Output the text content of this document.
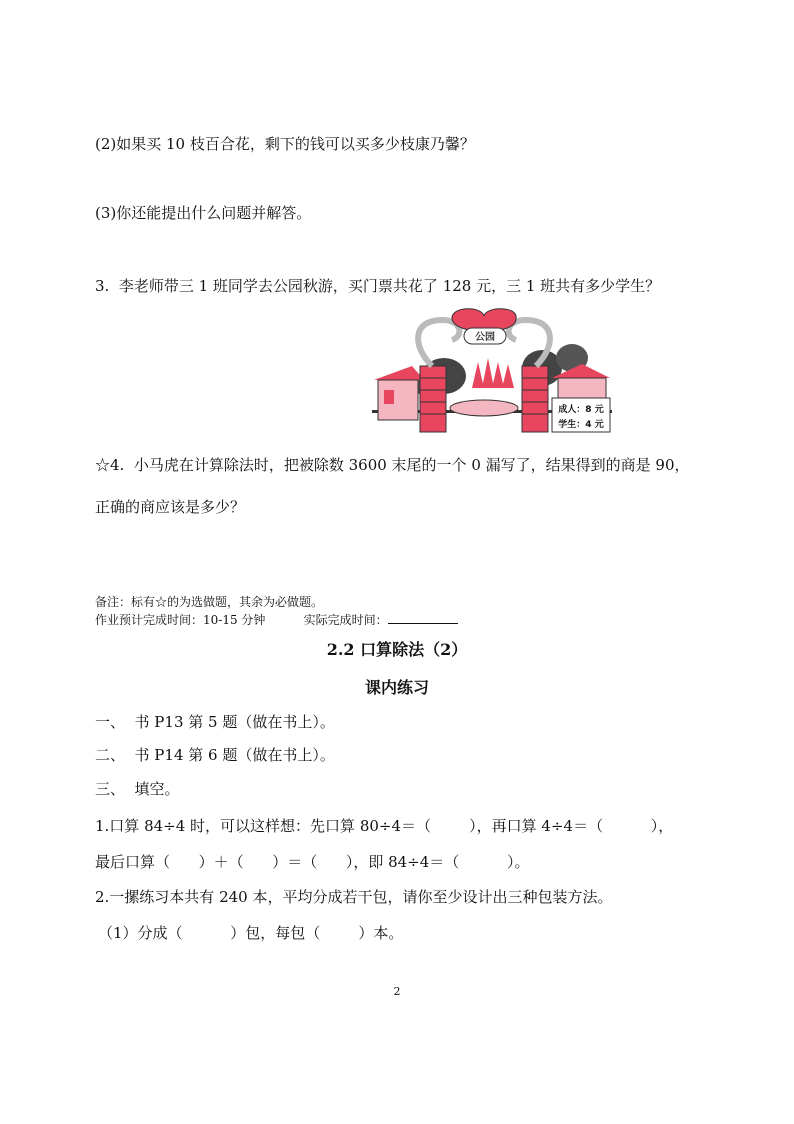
(2)如果买 10 枝百合花，剩下的钱可以买多少枝康乃馨？
(3)你还能提出什么问题并解答。
3.  李老师带三 1 班同学去公园秋游，买门票共花了 128 元，三 1 班共有多少学生？
公园
成人：8 元
学生：4 元
☆4.  小马虎在计算除法时，把被除数 3600 末尾的一个 0 漏写了，结果得到的商是 90，
正确的商应该是多少？
备注：标有☆的为选做题，其余为必做题。
作业预计完成时间：10-15 分钟	实际完成时间：
2.2 口算除法（2）
课内练习
一、  书 P13 第 5 题（做在书上）。
二、  书 P14 第 6 题（做在书上）。
三、  填空。
1.口算 84÷4 时，可以这样想：先口算 80÷4＝（        ），再口算 4÷4＝（          ），
最后口算（      ）＋（      ）＝（      ），即 84÷4＝（          ）。
2.一摞练习本共有 240 本，平均分成若干包，请你至少设计出三种包装方法。
（1）分成（          ）包，每包（        ）本。
2
